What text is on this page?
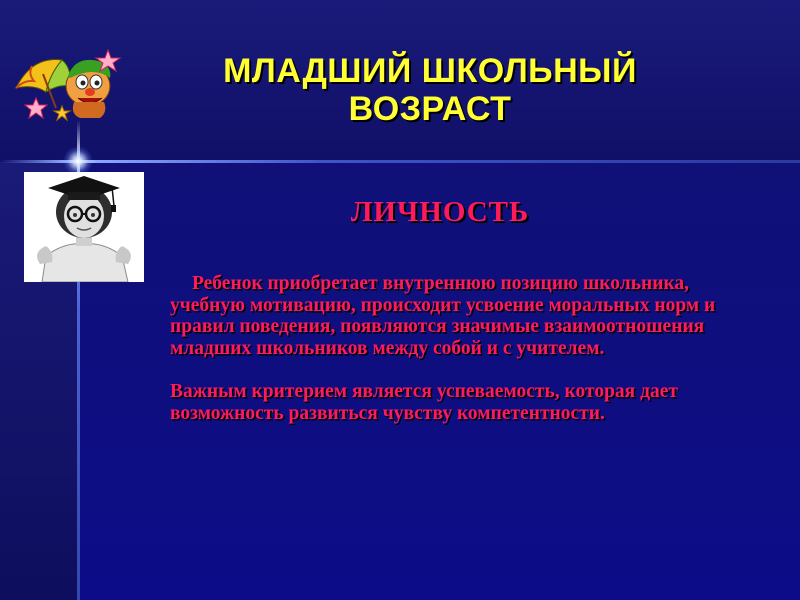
МЛАДШИЙ ШКОЛЬНЫЙ
ВОЗРАСТ
ЛИЧНОСТЬ

Ребенок приобретает внутреннюю позицию школьника, учебную мотивацию, происходит усвоение моральных норм и правил поведения, появляются значимые взаимоотношения младших школьников между собой и с учителем.

Важным критерием является успеваемость, которая дает возможность развиться чувству компетентности.
